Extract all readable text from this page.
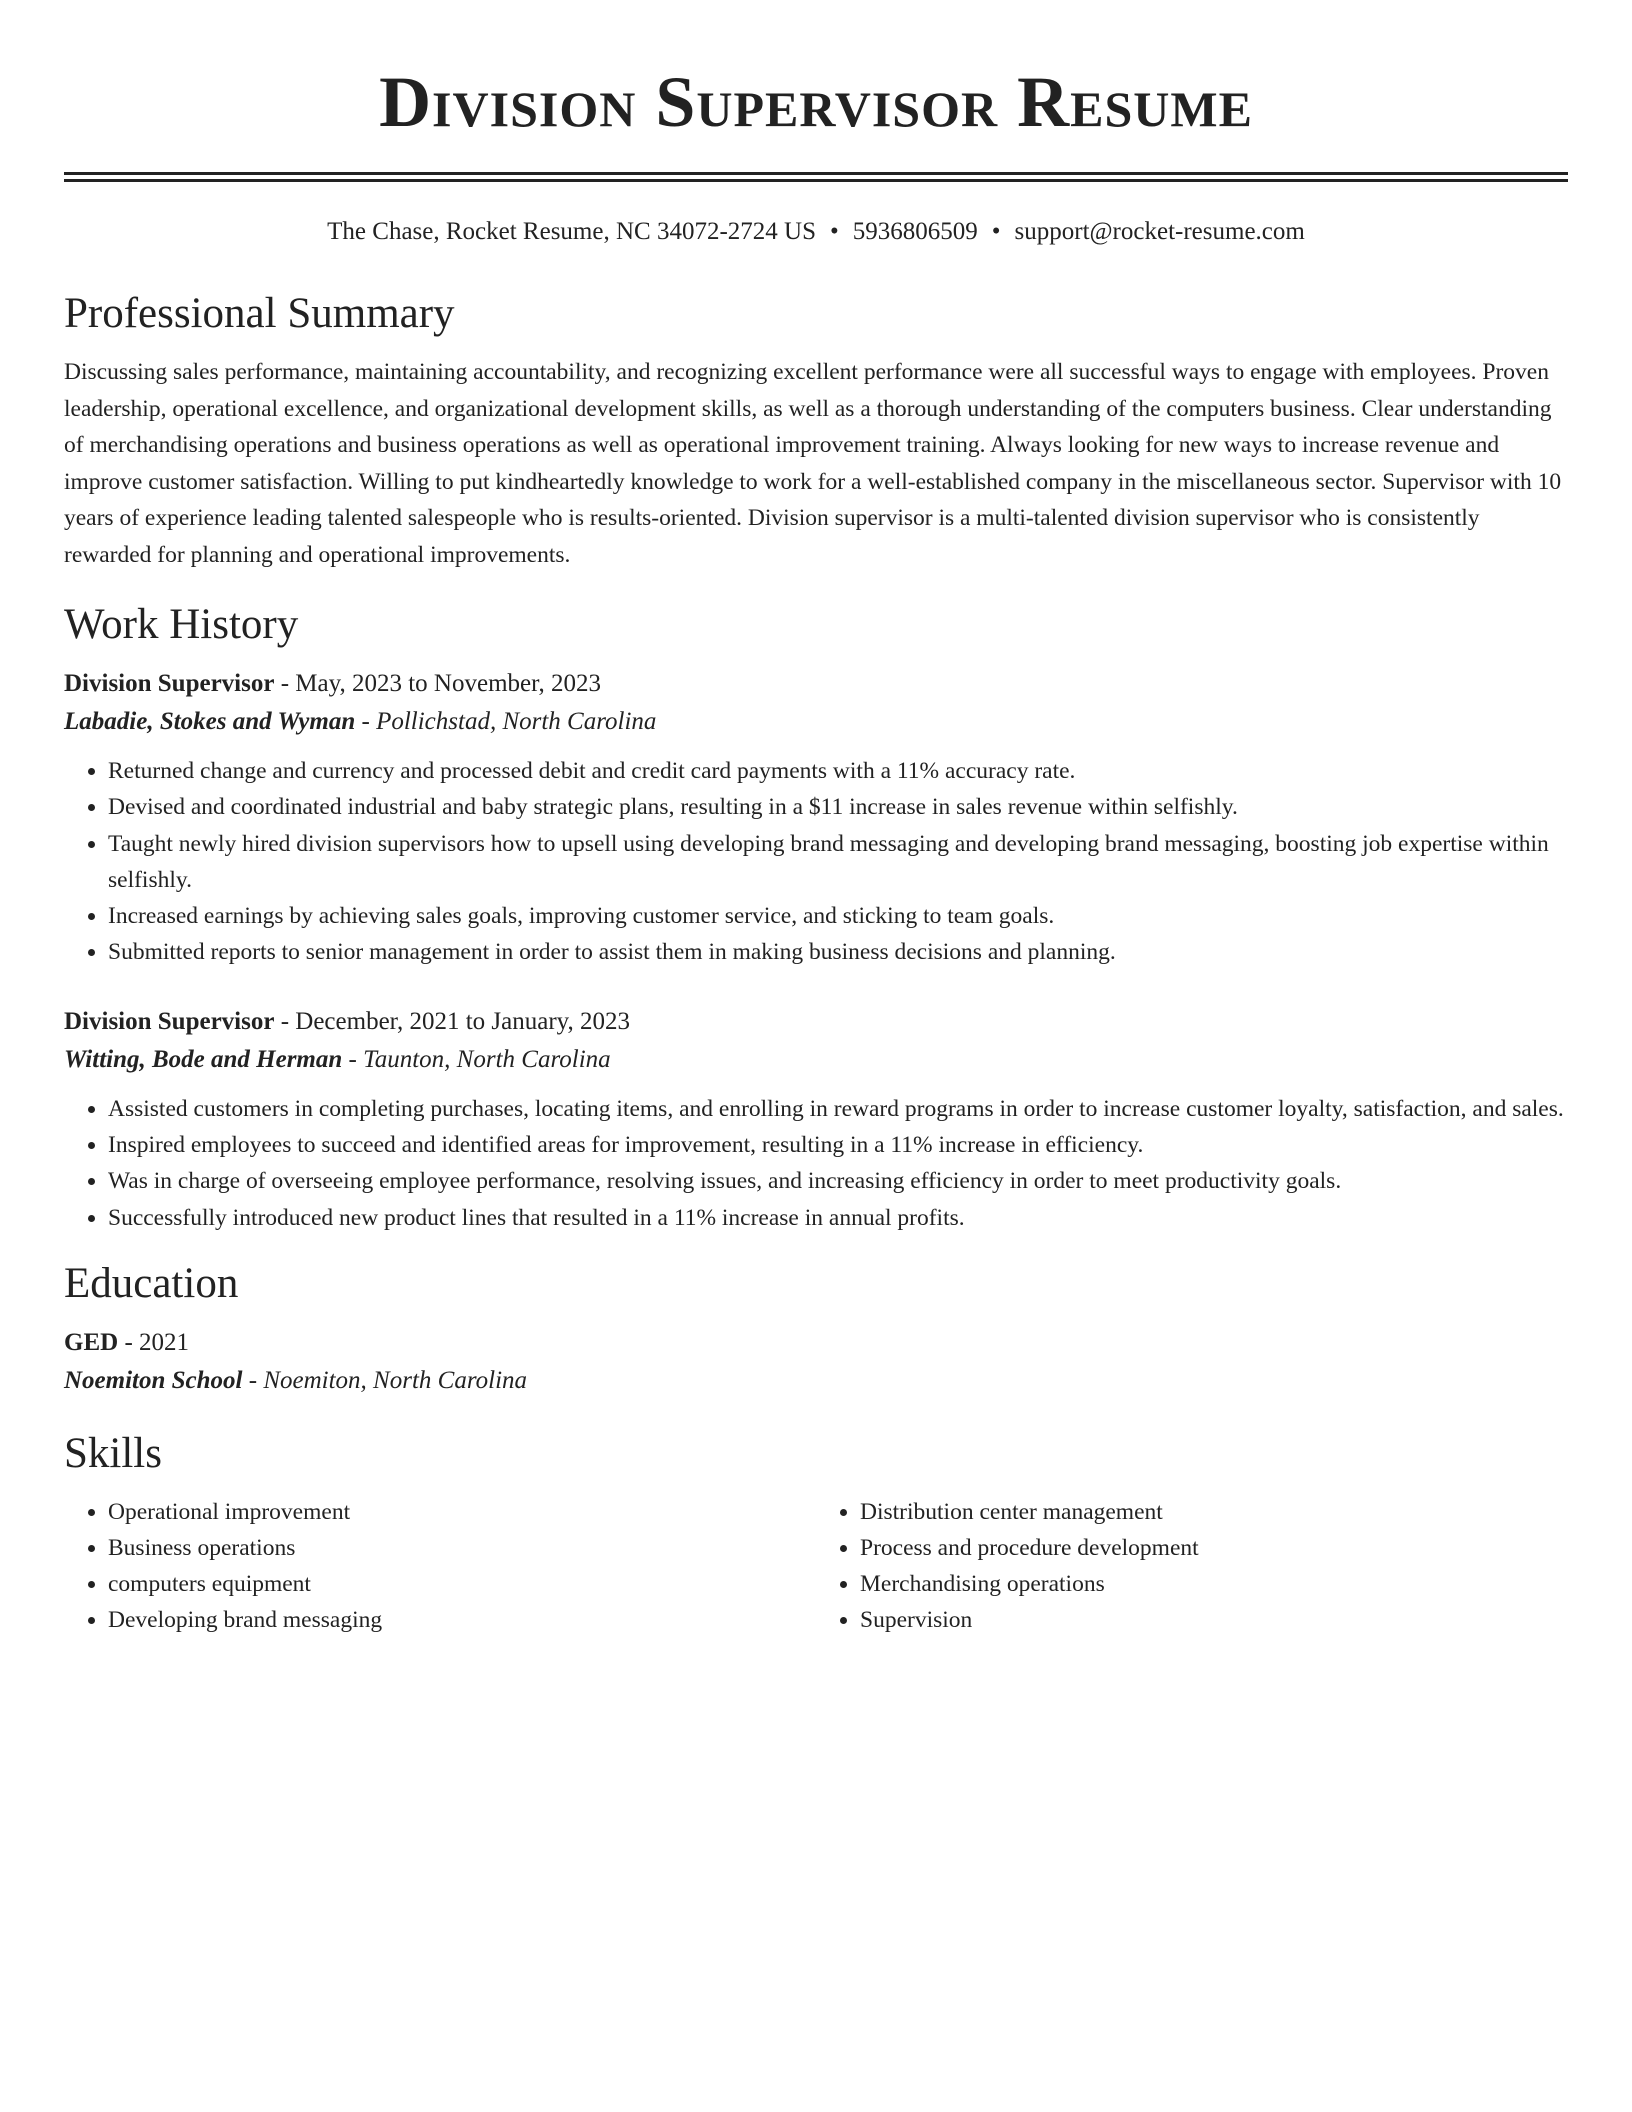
Division Supervisor Resume
The Chase, Rocket Resume, NC 34072-2724 US • 5936806509 • support@rocket-resume.com
Professional Summary
Discussing sales performance, maintaining accountability, and recognizing excellent performance were all successful ways to engage with employees. Proven leadership, operational excellence, and organizational development skills, as well as a thorough understanding of the computers business. Clear understanding of merchandising operations and business operations as well as operational improvement training. Always looking for new ways to increase revenue and improve customer satisfaction. Willing to put kindheartedly knowledge to work for a well-established company in the miscellaneous sector. Supervisor with 10 years of experience leading talented salespeople who is results-oriented. Division supervisor is a multi-talented division supervisor who is consistently rewarded for planning and operational improvements.
Work History
Division Supervisor - May, 2023 to November, 2023
Labadie, Stokes and Wyman - Pollichstad, North Carolina
• Returned change and currency and processed debit and credit card payments with a 11% accuracy rate.
• Devised and coordinated industrial and baby strategic plans, resulting in a $11 increase in sales revenue within selfishly.
• Taught newly hired division supervisors how to upsell using developing brand messaging and developing brand messaging, boosting job expertise within selfishly.
• Increased earnings by achieving sales goals, improving customer service, and sticking to team goals.
• Submitted reports to senior management in order to assist them in making business decisions and planning.
Division Supervisor - December, 2021 to January, 2023
Witting, Bode and Herman - Taunton, North Carolina
• Assisted customers in completing purchases, locating items, and enrolling in reward programs in order to increase customer loyalty, satisfaction, and sales.
• Inspired employees to succeed and identified areas for improvement, resulting in a 11% increase in efficiency.
• Was in charge of overseeing employee performance, resolving issues, and increasing efficiency in order to meet productivity goals.
• Successfully introduced new product lines that resulted in a 11% increase in annual profits.
Education
GED - 2021
Noemiton School - Noemiton, North Carolina
Skills
• Operational improvement
• Business operations
• computers equipment
• Developing brand messaging
• Distribution center management
• Process and procedure development
• Merchandising operations
• Supervision
